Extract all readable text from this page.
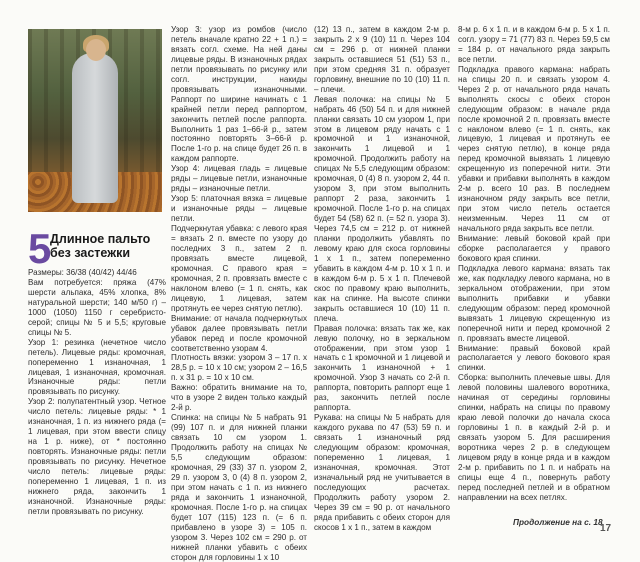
5
Длинное пальто
без застежки

Размеры: 36/38 (40/42) 44/46

Вам потребуется: пряжа (47% шерсти альпака, 45% хлопка, 8% натуральной шерсти; 140 м/50 г) – 1000 (1050) 1150 г серебристо-серой; спицы № 5 и 5,5; круговые спицы № 5.

Узор 1: резинка (нечетное число петель). Лицевые ряды: кромочная, попеременно 1 изнаночная, 1 лицевая, 1 изнаночная, кромочная. Изнаночные ряды: петли провязывать по рисунку.

Узор 2: полупатентный узор. Четное число петель: лицевые ряды: * 1 изнаночная, 1 п. из нижнего ряда (= 1 лицевая, при этом ввести спицу на 1 р. ниже), от * постоянно повторять. Изнаночные ряды: петли провязывать по рисунку. Нечетное число петель: лицевые ряды: попеременно 1 лицевая, 1 п. из нижнего ряда, закончить 1 изнаночной. Изнаночные ряды: петли провязывать по рисунку.

Узор 3: узор из ромбов (число петель вначале кратно 22 + 1 п.) = вязать согл. схеме. На ней даны лицевые ряды. В изнаночных рядах петли провязывать по рисунку или согл. инструкции, накиды провязывать изнаночными. Раппорт по ширине начинать с 1 крайней петли перед раппортом, закончить петлей после раппорта. Выполнить 1 раз 1–66-й р., затем постоянно повторять 3–66-й р. После 1-го р. на спице будет 26 п. в каждом раппорте.

Узор 4: лицевая гладь = лицевые ряды – лицевые петли, изнаночные ряды – изнаночные петли.

Узор 5: платочная вязка = лицевые и изнаночные ряды – лицевые петли.

Подчеркнутая убавка: с левого края = вязать 2 п. вместе по узору до последних 3 п., затем 2 п. провязать вместе лицевой, кромочная. С правого края = кромочная, 2 п. провязать вместе с наклоном влево (= 1 п. снять, как лицевую, 1 лицевая, затем протянуть ее через снятую петлю).

Внимание: от начала подчеркнутых убавок далее провязывать петли убавок перед и после кромочной соответственно узорам 4.

Плотность вязки: узором 3 – 17 п. х 28,5 р. = 10 х 10 см; узором 2 – 16,5 п. х 31 р. = 10 х 10 см.

Важно: обратить внимание на то, что в узоре 2 виден только каждый 2-й р.

Спинка: на спицы № 5 набрать 91 (99) 107 п. и для нижней планки связать 10 см узором 1. Продолжить работу на спицах № 5,5 следующим образом: кромочная, 29 (33) 37 п. узором 2, 29 п. узором 3, 0 (4) 8 п. узором 2, при этом начать с 1 п. из нижнего ряда и закончить 1 изнаночной, кромочная. После 1-го р. на спицах будет 107 (115) 123 п. (= 6 п. прибавлено в узоре 3) = 105 п. узором 3. Через 102 см = 290 р. от нижней планки убавить с обеих сторон для горловины 1 х 10

(12) 13 п., затем в каждом 2-м р. закрыть 2 х 9 (10) 11 п. Через 104 см = 296 р. от нижней планки закрыть оставшиеся 51 (51) 53 п., при этом средняя 31 п. образует горловину, внешние по 10 (10) 11 п. – плечи.

Левая полочка: на спицы № 5 набрать 46 (50) 54 п. и для нижней планки связать 10 см узором 1, при этом в лицевом ряду начать с 1 кромочной и 1 изнаночной, закончить 1 лицевой и 1 кромочной. Продолжить работу на спицах № 5,5 следующим образом: кромочная, 0 (4) 8 п. узором 2, 44 п. узором 3, при этом выполнить раппорт 2 раза, закончить 1 кромочной. После 1-го р. на спицах будет 54 (58) 62 п. (= 52 п. узора 3). Через 74,5 см = 212 р. от нижней планки продолжить убавлять по левому краю для скоса горловины 1 х 1 п., затем попеременно убавить в каждом 4-м р. 10 х 1 п. и в каждом 6-м р. 5 х 1 п. Плечевой скос по правому краю выполнить, как на спинке. На высоте спинки закрыть оставшиеся 10 (10) 11 п. плеча.

Правая полочка: вязать так же, как левую полочку, но в зеркальном отображении, при этом узор 1 начать с 1 кромочной и 1 лицевой и закончить 1 изнаночной + 1 кромочной. Узор 3 начать со 2-й п. раппорта, повторить раппорт еще 1 раз, закончить петлей после раппорта.

Рукава: на спицы № 5 набрать для каждого рукава по 47 (53) 59 п. и связать 1 изнаночный ряд следующим образом: кромочная, попеременно 1 лицевая, 1 изнаночная, кромочная. Этот изначальный ряд не учитывается в последующих расчетах. Продолжить работу узором 2. Через 39 см = 90 р. от начального ряда прибавить с обеих сторон для скосов 1 х 1 п., затем в каждом

8-м р. 6 х 1 п. и в каждом 6-м р. 5 х 1 п. согл. узору = 71 (77) 83 п. Через 59,5 см = 184 р. от начального ряда закрыть все петли.

Подкладка правого кармана: набрать на спицы 20 п. и связать узором 4. Через 2 р. от начального ряда начать выполнять скосы с обеих сторон следующим образом: в начале ряда после кромочной 2 п. провязать вместе с наклоном влево (= 1 п. снять, как лицевую, 1 лицевая и протянуть ее через снятую петлю), в конце ряда перед кромочной вывязать 1 лицевую скрещенную из поперечной нити. Эти убавки и прибавки выполнять в каждом 2-м р. всего 10 раз. В последнем изнаночном ряду закрыть все петли, при этом число петель остается неизменным. Через 11 см от начального ряда закрыть все петли.

Внимание: левый боковой край при сборке располагается у правого бокового края спинки.

Подкладка левого кармана: вязать так же, как подкладку левого кармана, но в зеркальном отображении, при этом выполнить прибавки и убавки следующим образом: перед кромочной вывязать 1 лицевую скрещенную из поперечной нити и перед кромочной 2 п. провязать вместе лицевой.

Внимание: правый боковой край располагается у левого бокового края спинки.

Сборка: выполнить плечевые швы. Для левой половины шалевого воротника, начиная от середины горловины спинки, набрать на спицы по правому краю левой полочки до начала скоса горловины 1 п. в каждый 2-й р. и связать узором 5. Для расширения воротника через 2 р. в следующем лицевом ряду в конце ряда и в каждом 2-м р. прибавить по 1 п. и набрать на спицы еще 4 п., повернуть работу перед последней петлей и в обратном направлении на всех петлях.

Продолжение на с. 18
17
